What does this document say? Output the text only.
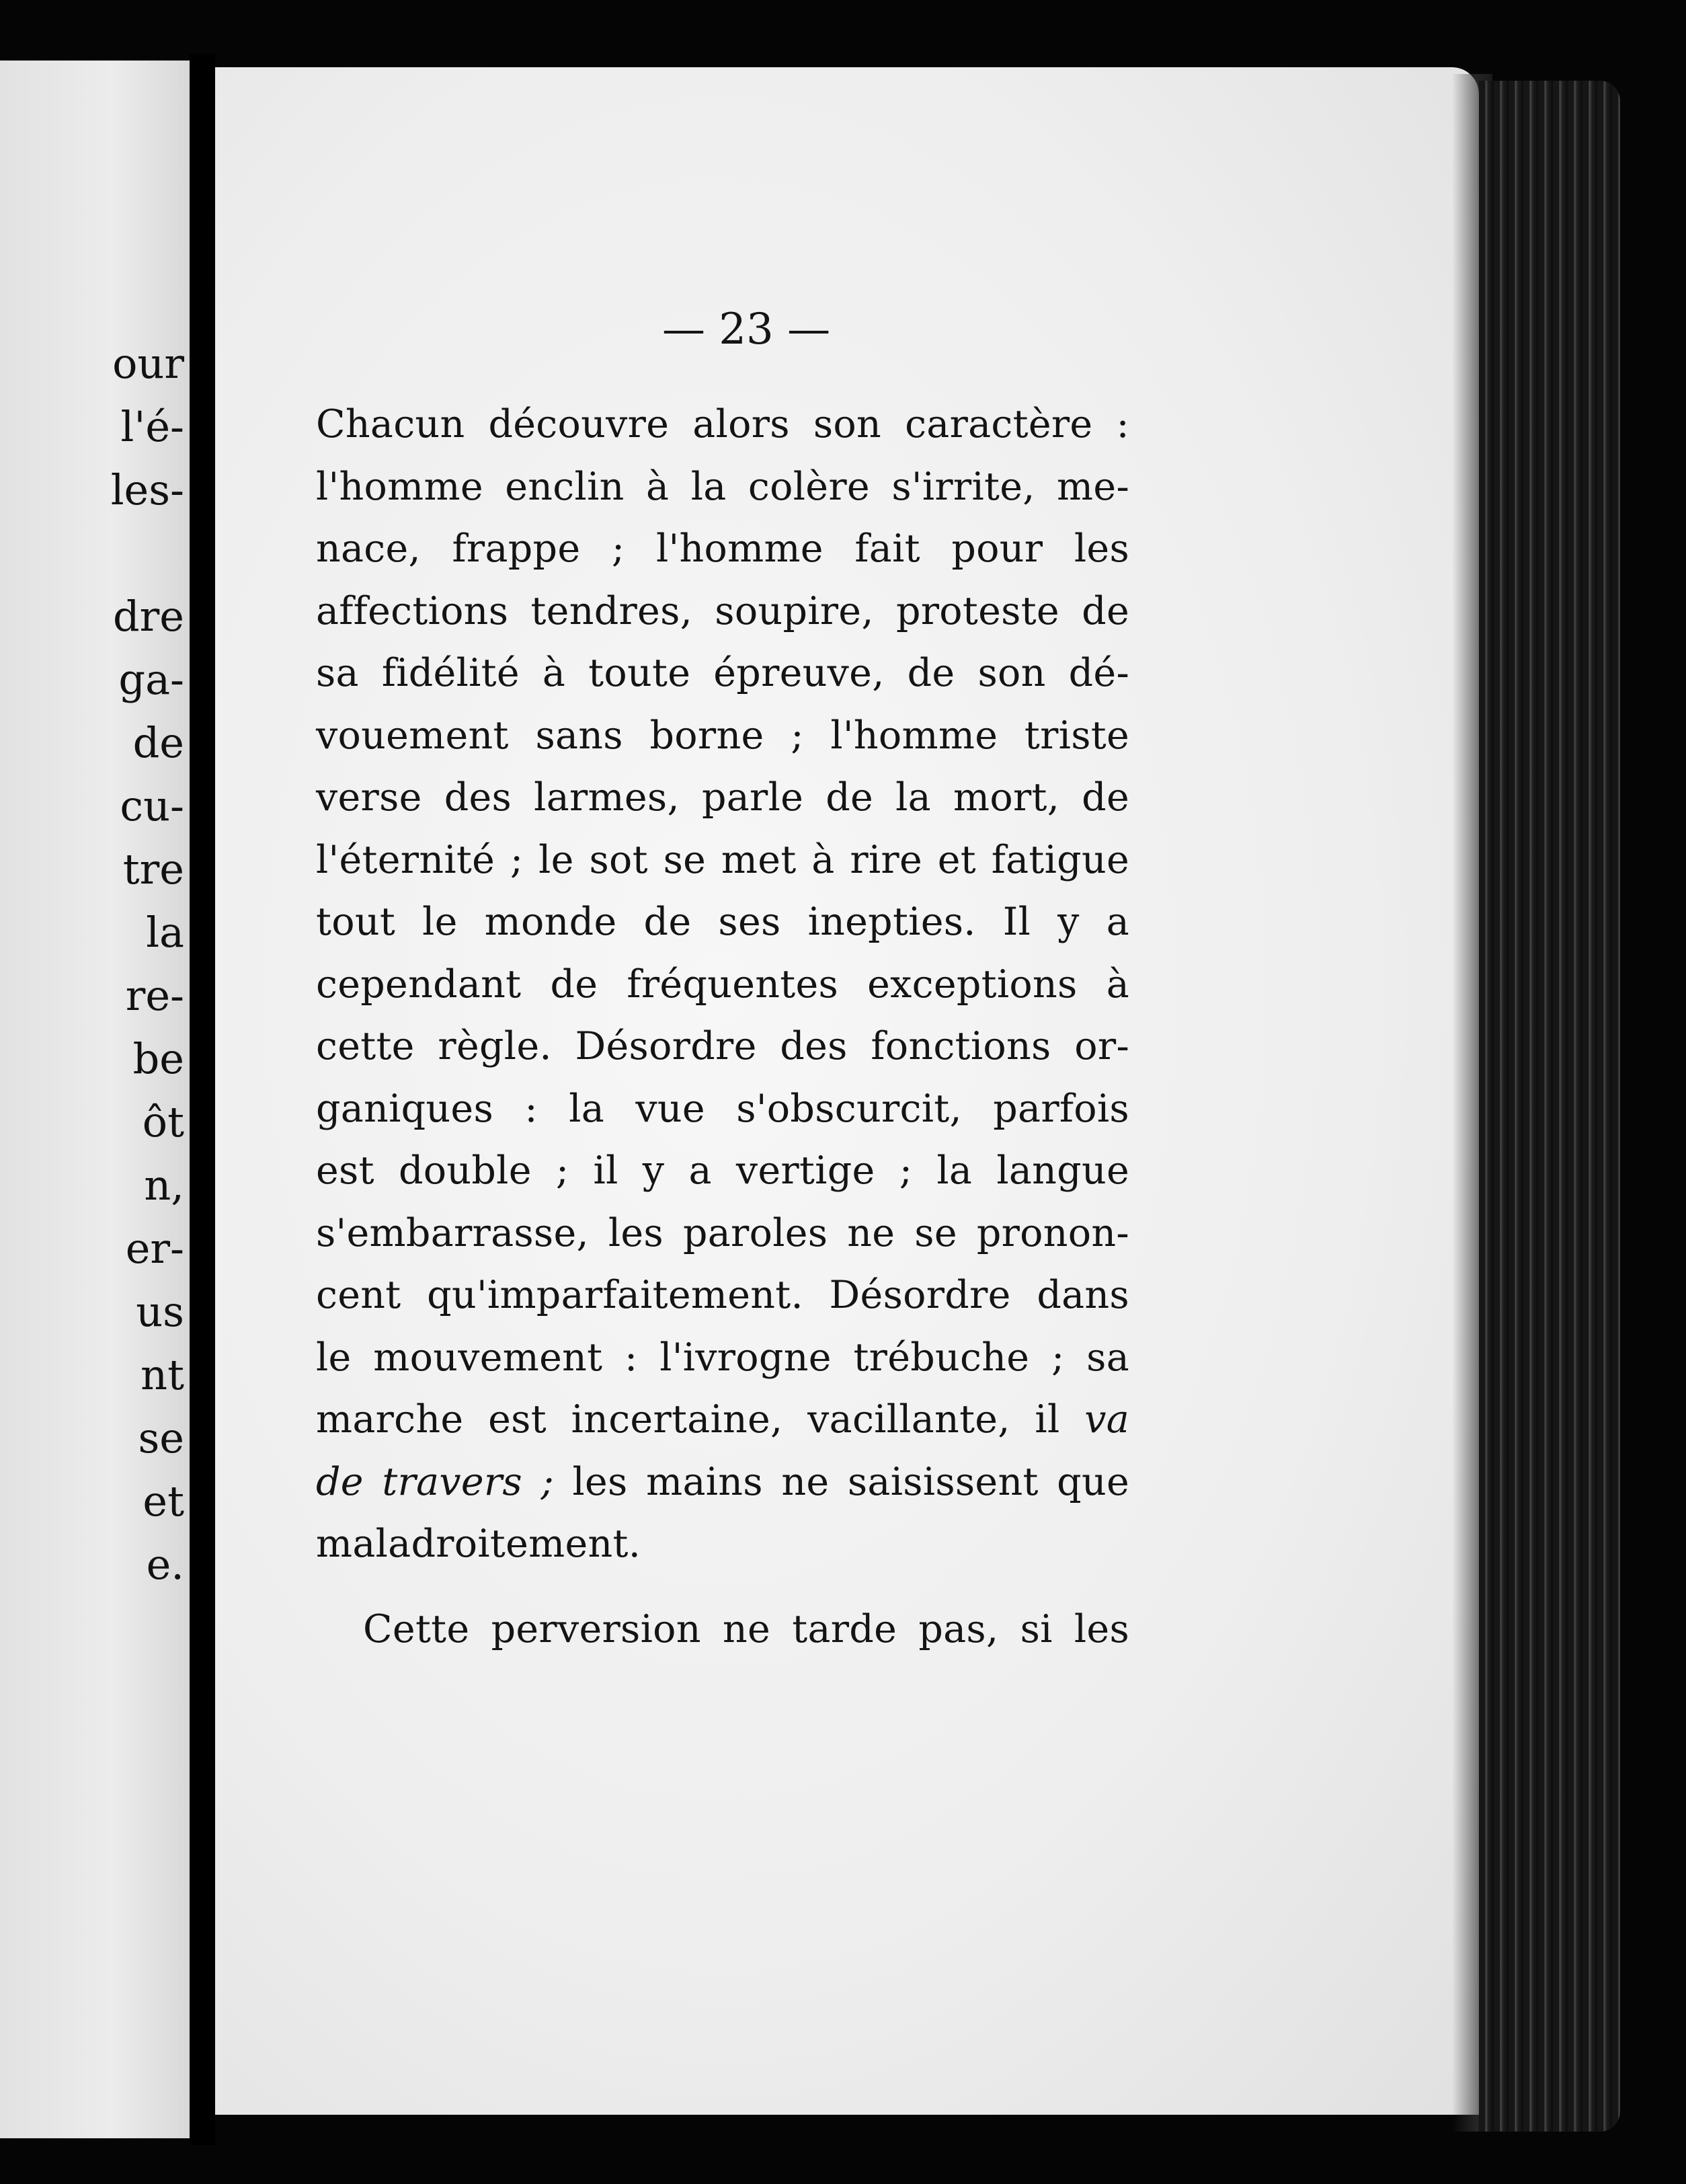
our
l'é-
les-
dre
ga-
de
cu-
tre
la
re-
be
ôt
n,
er-
us
nt
se
et
e.
— 23 —
Chacun découvre alors son caractère :
l'homme enclin à la colère s'irrite, me-
nace, frappe ; l'homme fait pour les
affections tendres, soupire, proteste de
sa fidélité à toute épreuve, de son dé-
vouement sans borne ; l'homme triste
verse des larmes, parle de la mort, de
l'éternité ; le sot se met à rire et fatigue
tout le monde de ses inepties. Il y a
cependant de fréquentes exceptions à
cette règle. Désordre des fonctions or-
ganiques : la vue s'obscurcit, parfois
est double ; il y a vertige ; la langue
s'embarrasse, les paroles ne se pronon-
cent qu'imparfaitement. Désordre dans
le mouvement : l'ivrogne trébuche ; sa
marche est incertaine, vacillante, il va
de travers ; les mains ne saisissent que
maladroitement.
Cette perversion ne tarde pas, si les
